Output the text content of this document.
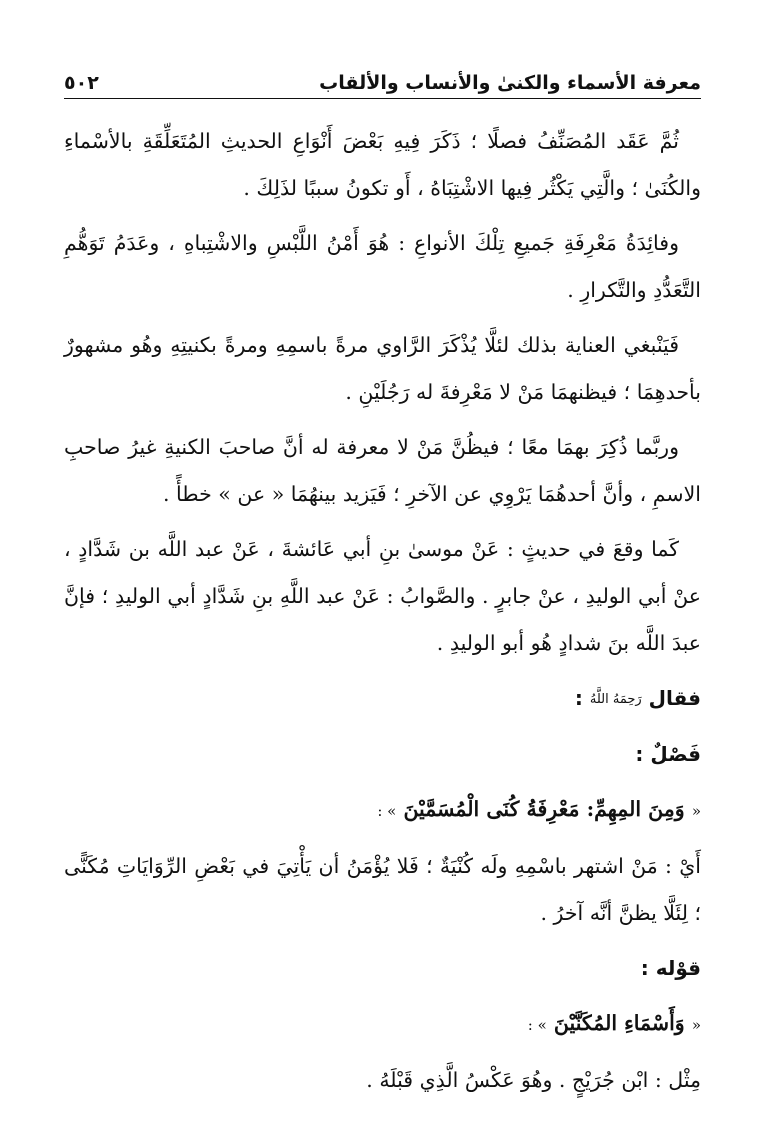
معرفة الأسماء والكنىٰ والأنساب والألقاب
٥٠٢

ثُمَّ عَقَد المُصَنِّفُ فصلًا ؛ ذَكَرَ فِيهِ بَعْضَ أَنْوَاعِ الحديثِ المُتَعَلِّقَةِ بالأسْماءِ والكُنَىٰ ؛ والَّتِي يَكْثُر فِيها الاشْتِبَاهُ ، أَو تكونُ سببًا لذَلِكَ .

وفائِدَةُ مَعْرِفَةِ جَميعِ تِلْكَ الأنواعِ : هُوَ أَمْنُ اللَّبْسِ والاشْتِباهِ ، وعَدَمُ تَوَهُّمِ التَّعَدُّدِ والتَّكرارِ .

فَيَنْبغي العناية بذلك لئلَّا يُذْكَرَ الرَّاوي مرةً باسمِهِ ومرةً بكنيتِهِ وهُو مشهورٌ بأحدهِمَا ؛ فيظنهمَا مَنْ لا مَعْرِفةَ له رَجُلَيْنِ .

وربَّما ذُكِرَ بهمَا معًا ؛ فيظُنَّ مَنْ لا معرفة له أنَّ صاحبَ الكنيةِ غيرُ صاحبِ الاسمِ ، وأنَّ أحدهُمَا يَرْوِي عن الآخرِ ؛ فَيَزيد بينهُمَا « عن » خطأً .

كَما وقعَ في حديثٍ : عَنْ موسىٰ بنِ أبي عَائشةَ ، عَنْ عبد اللَّه بن شَدَّادٍ ، عنْ أبي الوليدِ ، عنْ جابرٍ . والصَّوابُ : عَنْ عبد اللَّهِ بنِ شَدَّادٍ أبي الوليدِ ؛ فإنَّ عبدَ اللَّه بنَ شدادٍ هُو أبو الوليدِ .

فقال رَحِمَهُ اللَّهُ :
فَصْلٌ :
« وَمِنَ المِهِمِّ: مَعْرِفَةُ كُنَى الْمُسَمَّيْنَ » :

أَيْ : مَنْ اشتهر باسْمِهِ ولَه كُنْيَةٌ ؛ فَلا يُؤْمَنُ أن يَأْتِيَ في بَعْضِ الرِّوَايَاتِ مُكَنًّى ؛ لِئَلَّا يظنَّ أنَّه آخرُ .

قوْله :
« وَأَسْمَاءِ المُكَنَّيْنَ » :

مِثْل : ابْن جُرَيْجٍ . وهُوَ عَكْسُ الَّذِي قَبْلَهُ .
